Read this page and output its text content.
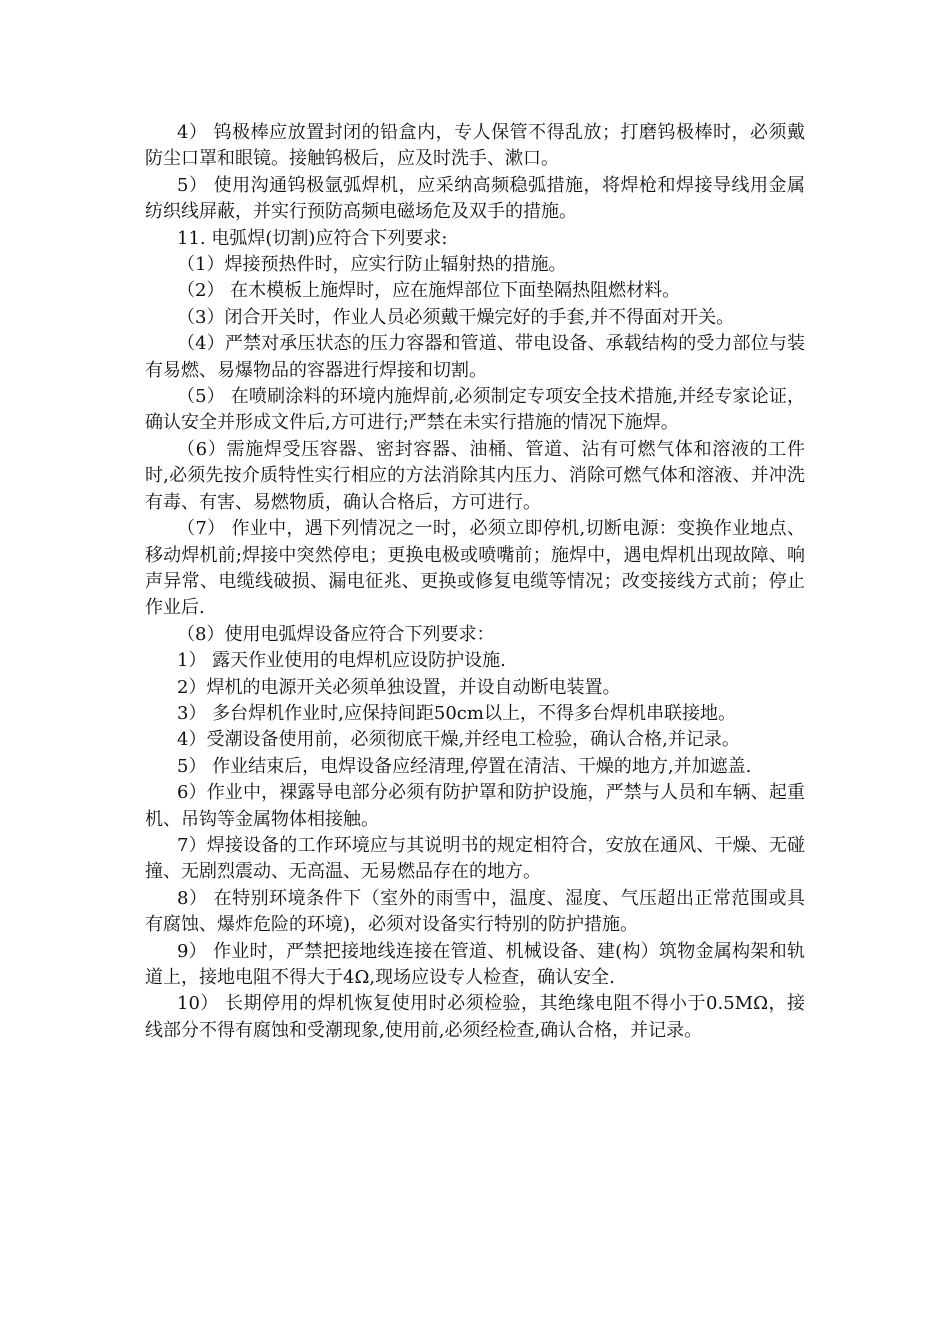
4） 钨极棒应放置封闭的铅盒内，专人保管不得乱放；打磨钨极棒时，必须戴防尘口罩和眼镜。接触钨极后，应及时洗手、漱口。

5） 使用沟通钨极氩弧焊机，应采纳高频稳弧措施，将焊枪和焊接导线用金属纺织线屏蔽，并实行预防高频电磁场危及双手的措施。

11. 电弧焊(切割)应符合下列要求:

（1）焊接预热件时，应实行防止辐射热的措施。

（2） 在木模板上施焊时，应在施焊部位下面垫隔热阻燃材料。

（3）闭合开关时，作业人员必须戴干燥完好的手套,并不得面对开关。

（4）严禁对承压状态的压力容器和管道、带电设备、承载结构的受力部位与装有易燃、易爆物品的容器进行焊接和切割。

（5） 在喷刷涂料的环境内施焊前,必须制定专项安全技术措施,并经专家论证，确认安全并形成文件后,方可进行;严禁在未实行措施的情况下施焊。

（6）需施焊受压容器、密封容器、油桶、管道、沾有可燃气体和溶液的工件时,必须先按介质特性实行相应的方法消除其内压力、消除可燃气体和溶液、并冲洗有毒、有害、易燃物质，确认合格后，方可进行。

（7） 作业中，遇下列情况之一时，必须立即停机,切断电源：变换作业地点、移动焊机前;焊接中突然停电；更换电极或喷嘴前；施焊中，遇电焊机出现故障、响声异常、电缆线破损、漏电征兆、更换或修复电缆等情况；改变接线方式前；停止作业后.

（8）使用电弧焊设备应符合下列要求：

1） 露天作业使用的电焊机应设防护设施.

2）焊机的电源开关必须单独设置，并设自动断电装置。

3） 多台焊机作业时,应保持间距50cm以上，不得多台焊机串联接地。

4）受潮设备使用前，必须彻底干燥,并经电工检验，确认合格,并记录。

5） 作业结束后，电焊设备应经清理,停置在清洁、干燥的地方,并加遮盖.

6）作业中，裸露导电部分必须有防护罩和防护设施，严禁与人员和车辆、起重机、吊钩等金属物体相接触。

7）焊接设备的工作环境应与其说明书的规定相符合，安放在通风、干燥、无碰撞、无剧烈震动、无高温、无易燃品存在的地方。

8） 在特别环境条件下（室外的雨雪中，温度、湿度、气压超出正常范围或具有腐蚀、爆炸危险的环境)，必须对设备实行特别的防护措施。

9） 作业时，严禁把接地线连接在管道、机械设备、建(构）筑物金属构架和轨道上，接地电阻不得大于4Ω,现场应设专人检查，确认安全.

10） 长期停用的焊机恢复使用时必须检验，其绝缘电阻不得小于0.5MΩ，接线部分不得有腐蚀和受潮现象,使用前,必须经检查,确认合格，并记录。
